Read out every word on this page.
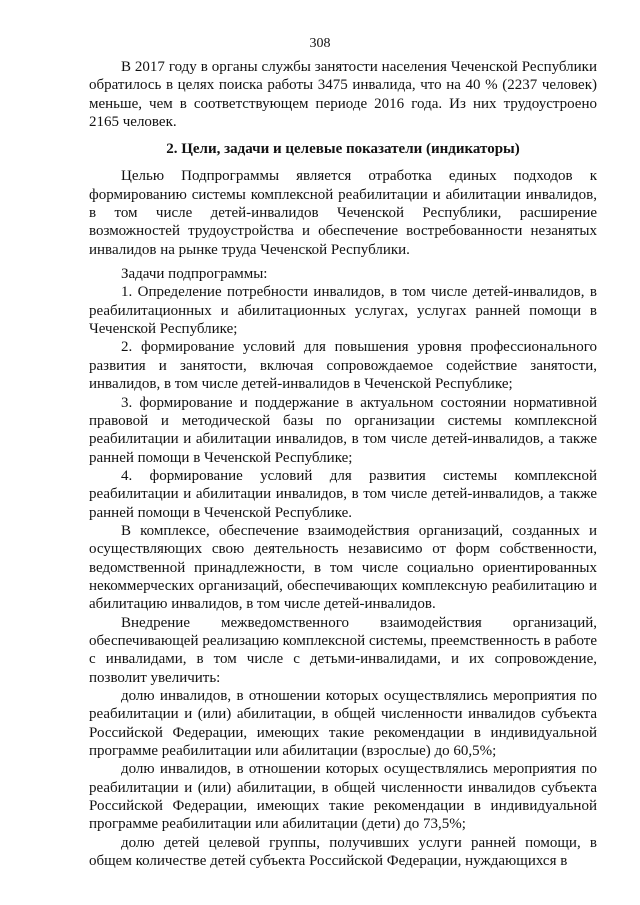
308

В 2017 году в органы службы занятости населения Чеченской Республики обратилось в целях поиска работы 3475 инвалида, что на 40 % (2237 человек) меньше, чем в соответствующем периоде 2016 года. Из них трудоустроено 2165 человек.

2. Цели, задачи и целевые показатели (индикаторы)

Целью Подпрограммы является отработка единых подходов к формированию системы комплексной реабилитации и абилитации инвалидов, в том числе детей-инвалидов Чеченской Республики, расширение возможностей трудоустройства и обеспечение востребованности незанятых инвалидов на рынке труда Чеченской Республики.

Задачи подпрограммы:

1. Определение потребности инвалидов, в том числе детей-инвалидов, в реабилитационных и абилитационных услугах, услугах ранней помощи в Чеченской Республике;

2. формирование условий для повышения уровня профессионального развития и занятости, включая сопровождаемое содействие занятости, инвалидов, в том числе детей-инвалидов в Чеченской Республике;

3. формирование и поддержание в актуальном состоянии нормативной правовой и методической базы по организации системы комплексной реабилитации и абилитации инвалидов, в том числе детей-инвалидов, а также ранней помощи в Чеченской Республике;

4. формирование условий для развития системы комплексной реабилитации и абилитации инвалидов, в том числе детей-инвалидов, а также ранней помощи в Чеченской Республике.

В комплексе, обеспечение взаимодействия организаций, созданных и осуществляющих свою деятельность независимо от форм собственности, ведомственной принадлежности, в том числе социально ориентированных некоммерческих организаций, обеспечивающих комплексную реабилитацию и абилитацию инвалидов, в том числе детей-инвалидов.

Внедрение межведомственного взаимодействия организаций, обеспечивающей реализацию комплексной системы, преемственность в работе с инвалидами, в том числе с детьми-инвалидами, и их сопровождение, позволит увеличить:

долю инвалидов, в отношении которых осуществлялись мероприятия по реабилитации и (или) абилитации, в общей численности инвалидов субъекта Российской Федерации, имеющих такие рекомендации в индивидуальной программе реабилитации или абилитации (взрослые) до 60,5%;

долю инвалидов, в отношении которых осуществлялись мероприятия по реабилитации и (или) абилитации, в общей численности инвалидов субъекта Российской Федерации, имеющих такие рекомендации в индивидуальной программе реабилитации или абилитации (дети) до 73,5%;

долю детей целевой группы, получивших услуги ранней помощи, в общем количестве детей субъекта Российской Федерации, нуждающихся в
